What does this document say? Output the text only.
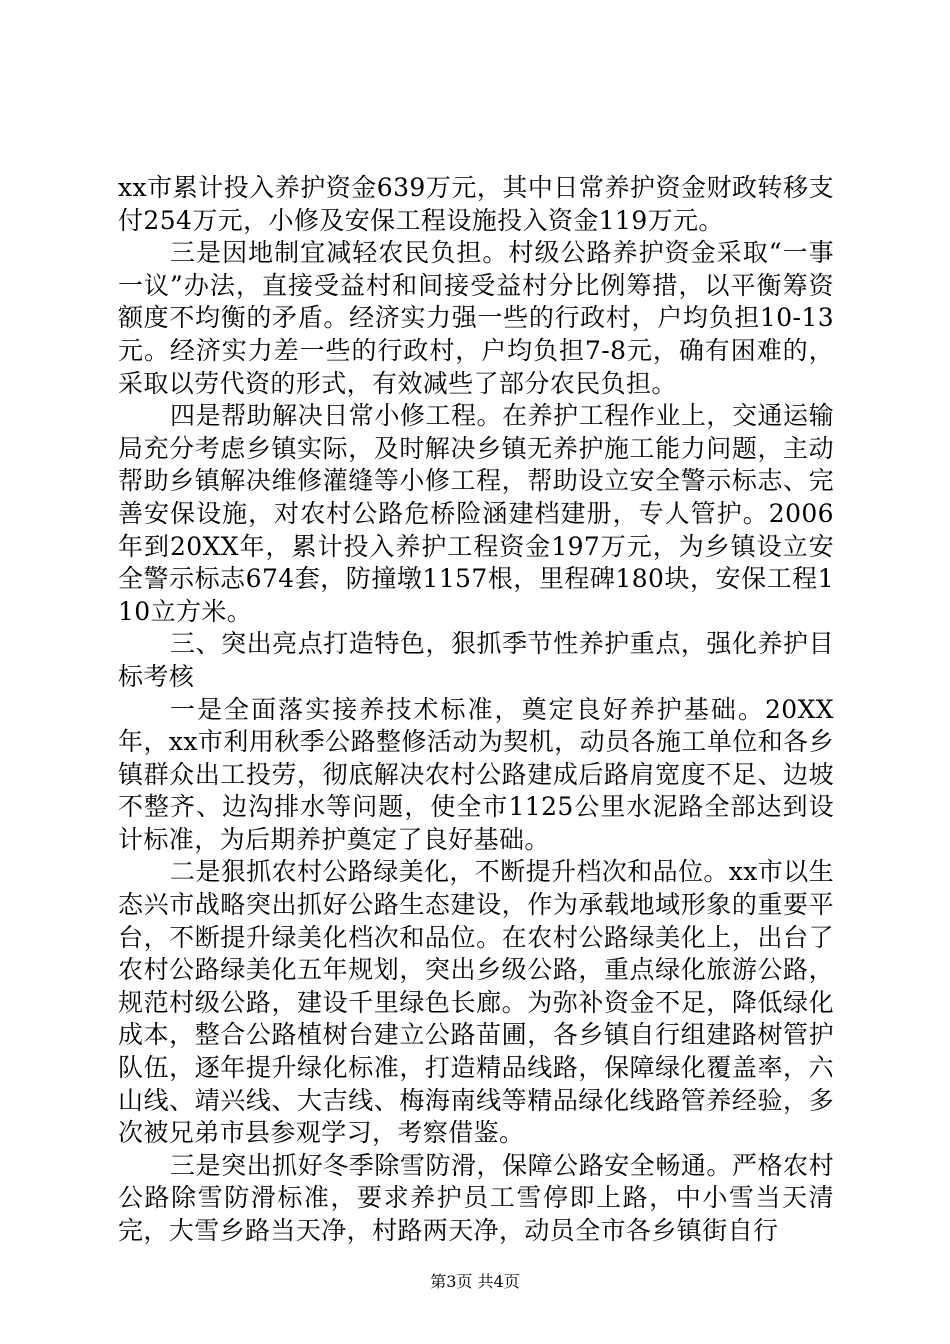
xx市累计投入养护资金639万元，其中日常养护资金财政转移支付254万元，小修及安保工程设施投入资金119万元。

三是因地制宜减轻农民负担。村级公路养护资金采取“一事一议”办法，直接受益村和间接受益村分比例筹措，以平衡筹资额度不均衡的矛盾。经济实力强一些的行政村，户均负担10-13元。经济实力差一些的行政村，户均负担7-8元，确有困难的，采取以劳代资的形式，有效减些了部分农民负担。

四是帮助解决日常小修工程。在养护工程作业上，交通运输局充分考虑乡镇实际，及时解决乡镇无养护施工能力问题，主动帮助乡镇解决维修灌缝等小修工程，帮助设立安全警示标志、完善安保设施，对农村公路危桥险涵建档建册，专人管护。2006年到20XX年，累计投入养护工程资金197万元，为乡镇设立安全警示标志674套，防撞墩1157根，里程碑180块，安保工程110立方米。

三、突出亮点打造特色，狠抓季节性养护重点，强化养护目标考核

一是全面落实接养技术标准，奠定良好养护基础。20XX年，xx市利用秋季公路整修活动为契机，动员各施工单位和各乡镇群众出工投劳，彻底解决农村公路建成后路肩宽度不足、边坡不整齐、边沟排水等问题，使全市1125公里水泥路全部达到设计标准，为后期养护奠定了良好基础。

二是狠抓农村公路绿美化，不断提升档次和品位。xx市以生态兴市战略突出抓好公路生态建设，作为承载地域形象的重要平台，不断提升绿美化档次和品位。在农村公路绿美化上，出台了农村公路绿美化五年规划，突出乡级公路，重点绿化旅游公路，规范村级公路，建设千里绿色长廊。为弥补资金不足，降低绿化成本，整合公路植树台建立公路苗圃，各乡镇自行组建路树管护队伍，逐年提升绿化标准，打造精品线路，保障绿化覆盖率，六山线、靖兴线、大吉线、梅海南线等精品绿化线路管养经验，多次被兄弟市县参观学习，考察借鉴。

三是突出抓好冬季除雪防滑，保障公路安全畅通。严格农村公路除雪防滑标准，要求养护员工雪停即上路，中小雪当天清完，大雪乡路当天净，村路两天净，动员全市各乡镇街自行

第3页 共4页
